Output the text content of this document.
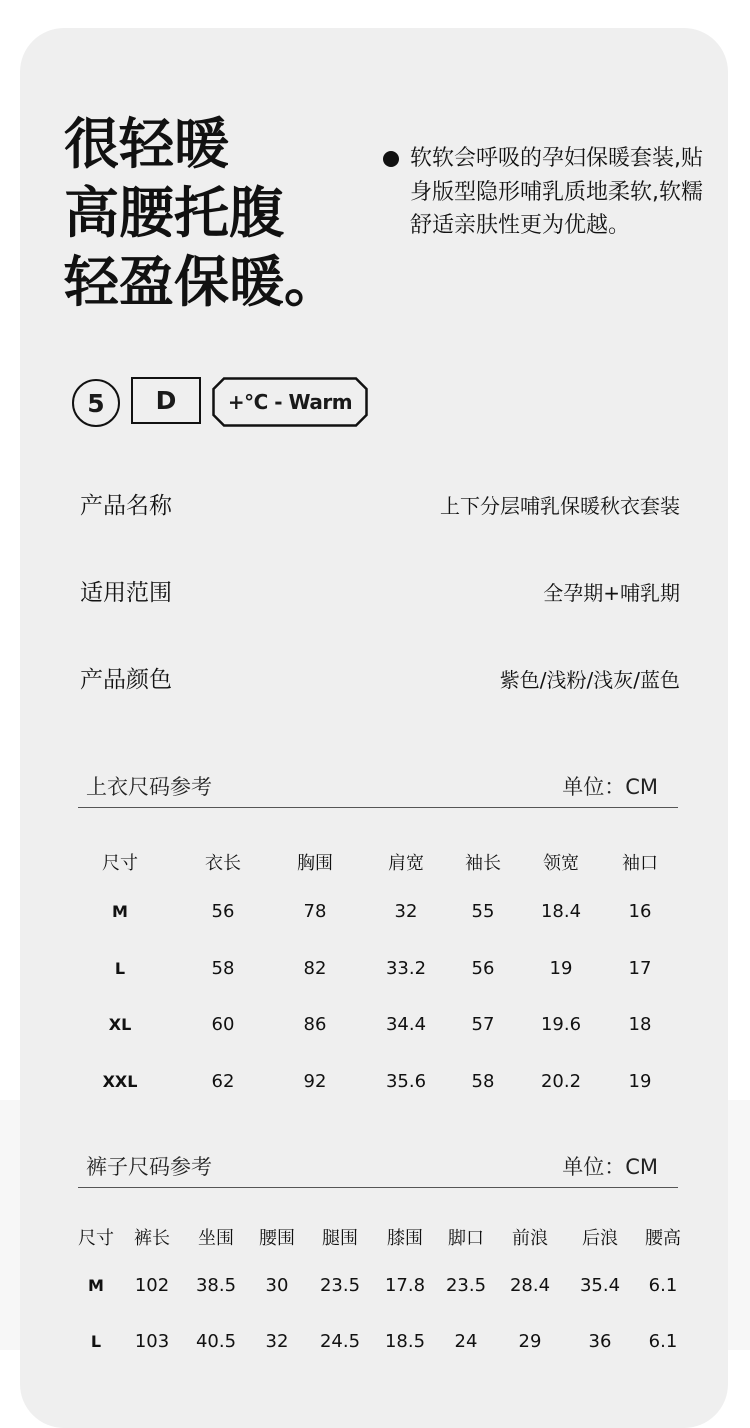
很轻暖
高腰托腹
轻盈保暖。
软软会呼吸的孕妇保暖套装,贴身版型隐形哺乳质地柔软,软糯舒适亲肤性更为优越。
5	D	+°C - Warm
产品名称	上下分层哺乳保暖秋衣套装
适用范围	全孕期+哺乳期
产品颜色	紫色/浅粉/浅灰/蓝色
上衣尺码参考	单位：CM
尺寸	衣长	胸围	肩宽 袖长 领宽 袖口
M	56	78	32	55	18.4	16
L	58	82	33.2	56	19	17
XL	60	86	34.4	57	19.6	18
XXL	62	92	35.6	58	20.2	19
裤子尺码参考	单位：CM
尺寸 裤长 坐围 腰围 腿围 膝围 脚口 前浪 后浪 腰高
M 102 38.5 30 23.5 17.8 23.5 28.4 35.4 6.1
L 103 40.5 32 24.5 18.5 24 29	36 6.1
